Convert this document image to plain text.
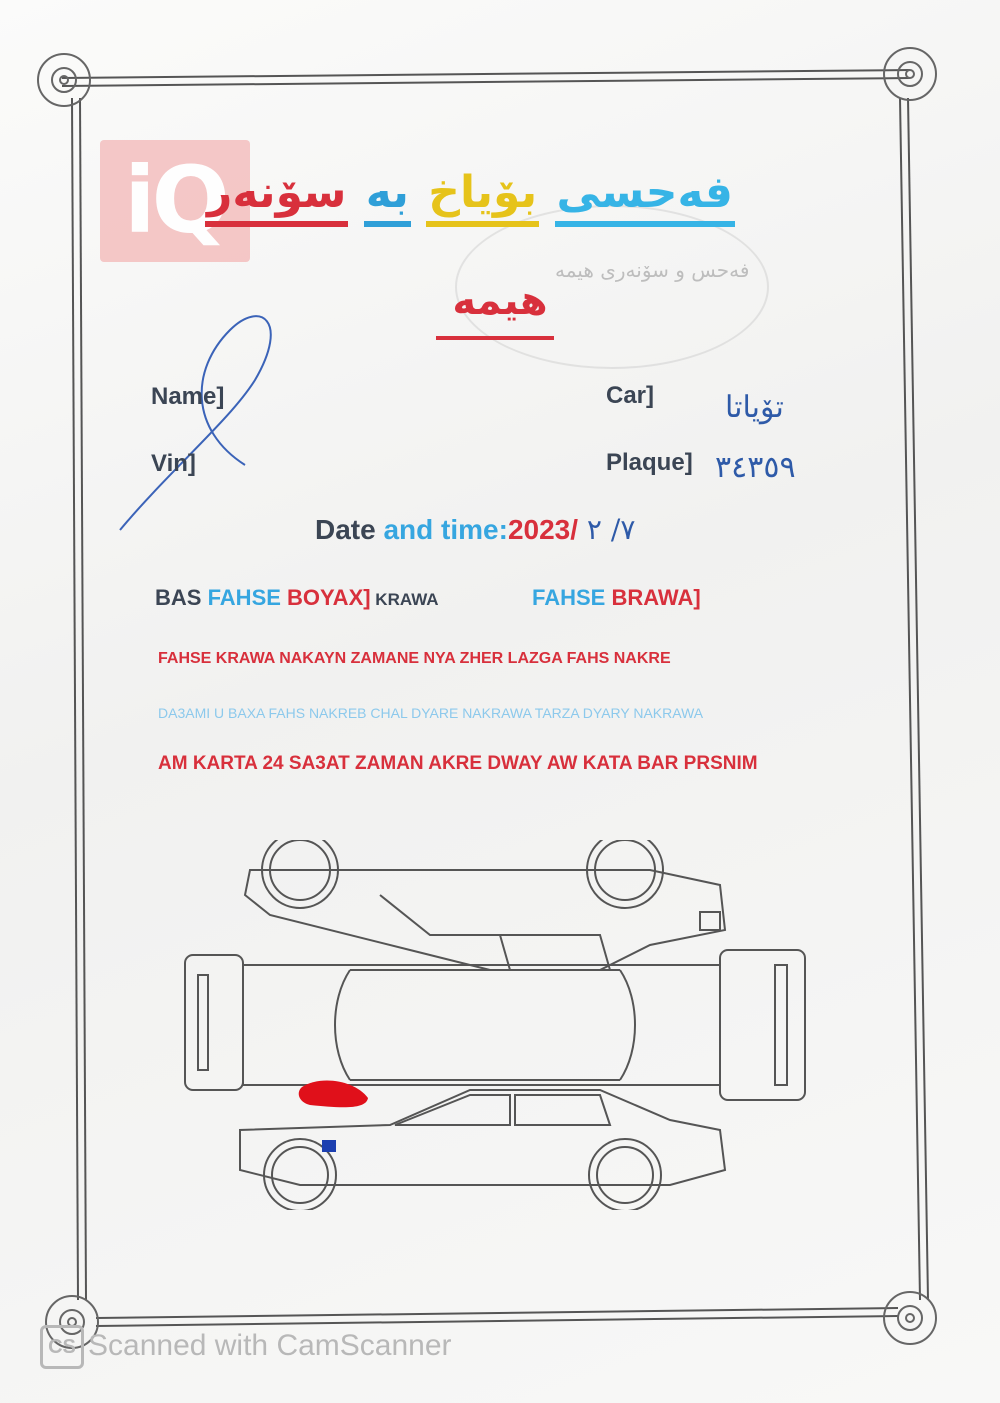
فەحس و سۆنەری هیمە
iQ	فەحسی بۆیاخ بە سۆنەر
هیمە
Name]	Car] تۆیاتا
Vin]	Plaque] ٣٤٣٥٩
Date and time:2023/ ٧/ ٢
BAS FAHSE BOYAX] KRAWA	FAHSE BRAWA]
FAHSE KRAWA NAKAYN ZAMANE NYA ZHER LAZGA FAHS NAKRE
DA3AMI U BAXA FAHS NAKREB CHAL DYARE NAKRAWA TARZA DYARY NAKRAWA
AM KARTA 24 SA3AT ZAMAN AKRE DWAY AW KATA BAR PRSNIM
CS Scanned with CamScanner
